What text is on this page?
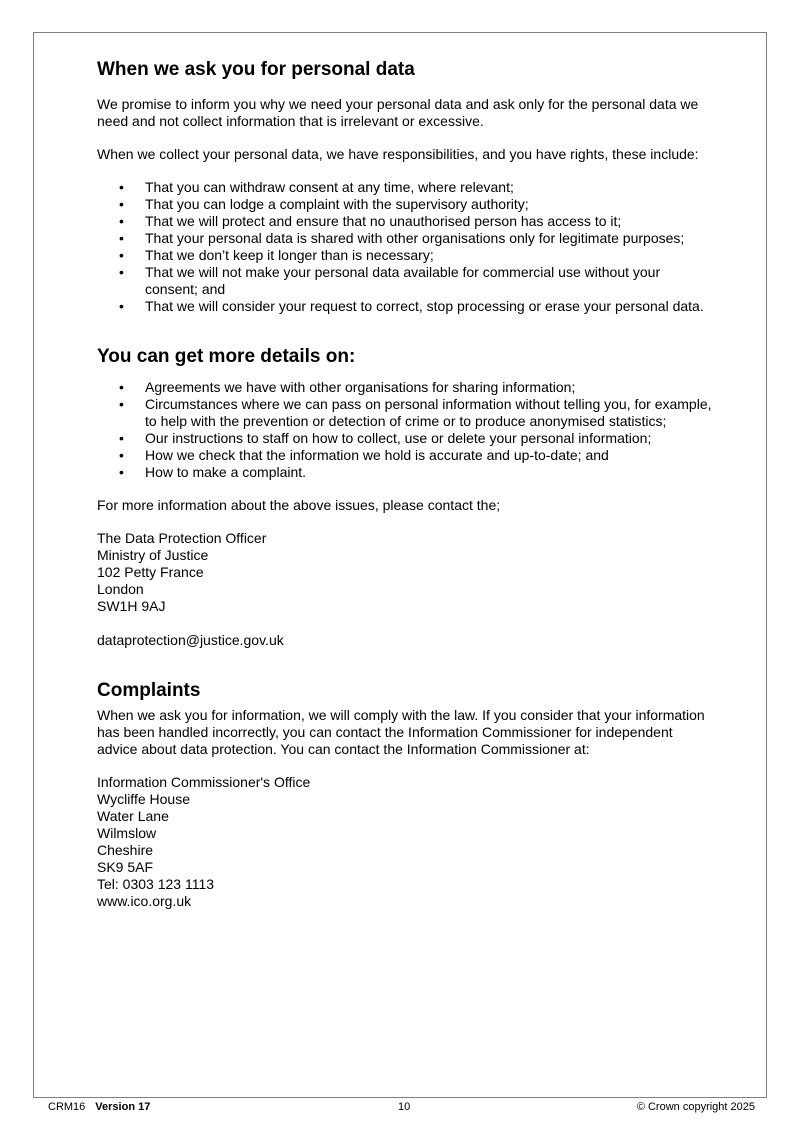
When we ask you for personal data

We promise to inform you why we need your personal data and ask only for the personal data we need and not collect information that is irrelevant or excessive.

When we collect your personal data, we have responsibilities, and you have rights, these include:

• That you can withdraw consent at any time, where relevant;
• That you can lodge a complaint with the supervisory authority;
• That we will protect and ensure that no unauthorised person has access to it;
• That your personal data is shared with other organisations only for legitimate purposes;
• That we don’t keep it longer than is necessary;
• That we will not make your personal data available for commercial use without your consent; and
• That we will consider your request to correct, stop processing or erase your personal data.
You can get more details on:
• Agreements we have with other organisations for sharing information;
• Circumstances where we can pass on personal information without telling you, for example, to help with the prevention or detection of crime or to produce anonymised statistics;
• Our instructions to staff on how to collect, use or delete your personal information;
• How we check that the information we hold is accurate and up-to-date; and
• How to make a complaint.

For more information about the above issues, please contact the;

The Data Protection Officer
Ministry of Justice
102 Petty France
London
SW1H 9AJ

dataprotection@justice.gov.uk

Complaints

When we ask you for information, we will comply with the law. If you consider that your information has been handled incorrectly, you can contact the Information Commissioner for independent advice about data protection. You can contact the Information Commissioner at:

Information Commissioner's Office
Wycliffe House
Water Lane
Wilmslow
Cheshire
SK9 5AF
Tel: 0303 123 1113
www.ico.org.uk
CRM16 Version 17	10	© Crown copyright 2025
